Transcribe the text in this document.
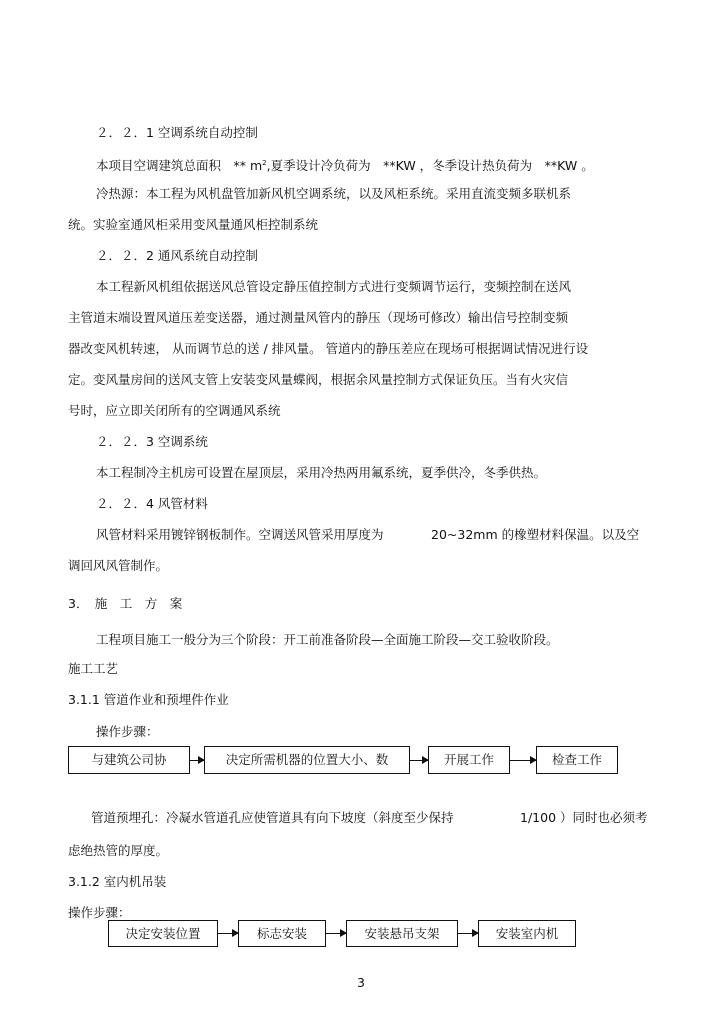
２．２．1 空调系统自动控制
本项目空调建筑总面积　** $m^2$,夏季设计冷负荷为　**KW ，冬季设计热负荷为　**KW 。
冷热源：本工程为风机盘管加新风机空调系统，以及风柜系统。采用直流变频多联机系
统。实验室通风柜采用变风量通风柜控制系统
２．２．2 通风系统自动控制
本工程新风机组依据送风总管设定静压值控制方式进行变频调节运行，变频控制在送风
主管道末端设置风道压差变送器，通过测量风管内的静压（现场可修改）输出信号控制变频
器改变风机转速， 从而调节总的送 / 排风量。 管道内的静压差应在现场可根据调试情况进行设
定。变风量房间的送风支管上安装变风量蝶阀，根据余风量控制方式保证负压。当有火灾信
号时，应立即关闭所有的空调通风系统
２．２．3 空调系统
本工程制冷主机房可设置在屋顶层，采用冷热两用氟系统，夏季供冷，冬季供热。
２．２．4 风管材料
风管材料采用镀锌钢板制作。空调送风管采用厚度为	20~32mm 的橡塑材料保温。以及空
调回风风管制作。
3．　施　工　方　案
工程项目施工一般分为三个阶段：开工前准备阶段—全面施工阶段—交工验收阶段。
施工工艺
3.1.1 管道作业和预埋件作业
操作步骤：
与建筑公司协	决定所需机器的位置大小、数	开展工作	检查工作
管道预埋孔：冷凝水管道孔应使管道具有向下坡度（斜度至少保持	1/100 ）同时也必须考
虑绝热管的厚度。
3.1.2 室内机吊装
操作步骤：
决定安装位置	标志安装	安装悬吊支架	安装室内机
3
